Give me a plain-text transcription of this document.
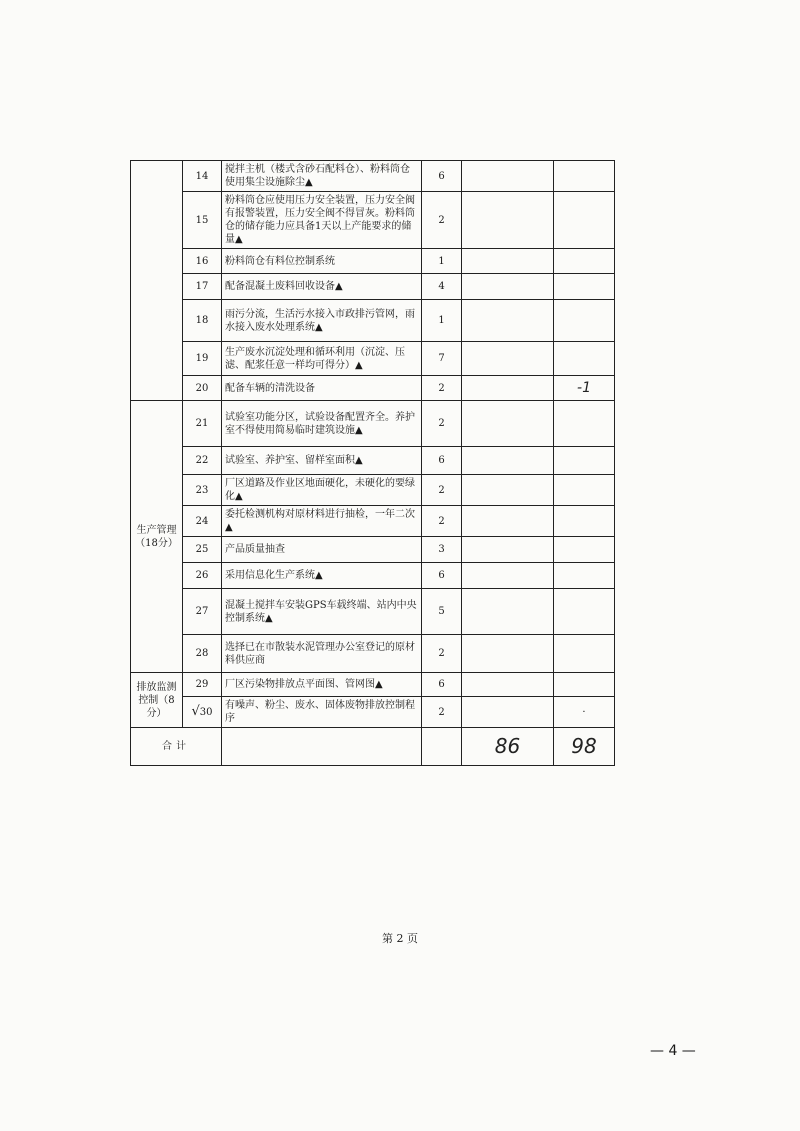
	14	搅拌主机（楼式含砂石配料仓）、粉料筒仓使用集尘设施除尘▲	6		
	15	粉料筒仓应使用压力安全装置，压力安全阀有报警装置，压力安全阀不得冒灰。粉料筒仓的储存能力应具备1天以上产能要求的储量▲	2		
	16	粉料筒仓有料位控制系统	1		
	17	配备混凝土废料回收设备▲	4		
	18	雨污分流，生活污水接入市政排污管网，雨水接入废水处理系统▲	1		
	19	生产废水沉淀处理和循环利用（沉淀、压滤、配浆任意一样均可得分）▲	7		
	20	配备车辆的清洗设备	2		-1
生产管理（18分）	21	试验室功能分区，试验设备配置齐全。养护室不得使用简易临时建筑设施▲	2		
	22	试验室、养护室、留样室面积▲	6		
	23	厂区道路及作业区地面硬化，未硬化的要绿化▲	2		
	24	委托检测机构对原材料进行抽检，一年二次▲	2		
	25	产品质量抽查	3		
	26	采用信息化生产系统▲	6		
	27	混凝土搅拌车安装GPS车载终端、站内中央控制系统▲	5		
	28	选择已在市散装水泥管理办公室登记的原材料供应商	2		
排放监测控制（8分）	29	厂区污染物排放点平面图、管网图▲	6		
	√30	有噪声、粉尘、废水、固体废物排放控制程序	2		·
合计				86	98
第 2 页
— 4 —
